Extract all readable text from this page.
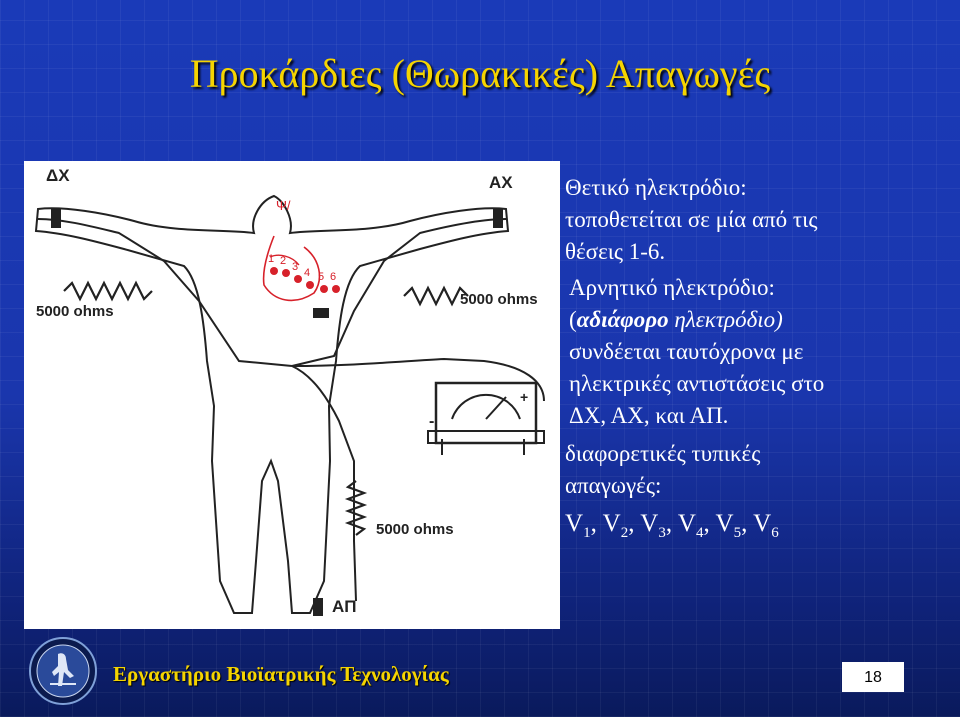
Προκάρδιες (Θωρακικές) Απαγωγές
ΔΧ	ΑΧ
5000 ohms
5000 ohms
5000 ohms
ΑΠ
Ψ/
+
-
1 2 3 4 5 6

Θετικό ηλεκτρόδιο:

τοποθετείται σε μία από τις

θέσεις 1-6.

Αρνητικό ηλεκτρόδιο:

(αδιάφορο ηλεκτρόδιο)

συνδέεται ταυτόχρονα με

ηλεκτρικές αντιστάσεις στο

ΔΧ, ΑΧ, και ΑΠ.

διαφορετικές τυπικές

απαγωγές:

$V_1$, $V_2$, $V_3$, $V_4$, $V_5$, $V_6$

Εργαστήριο Βιοϊατρικής Τεχνολογίας	18
